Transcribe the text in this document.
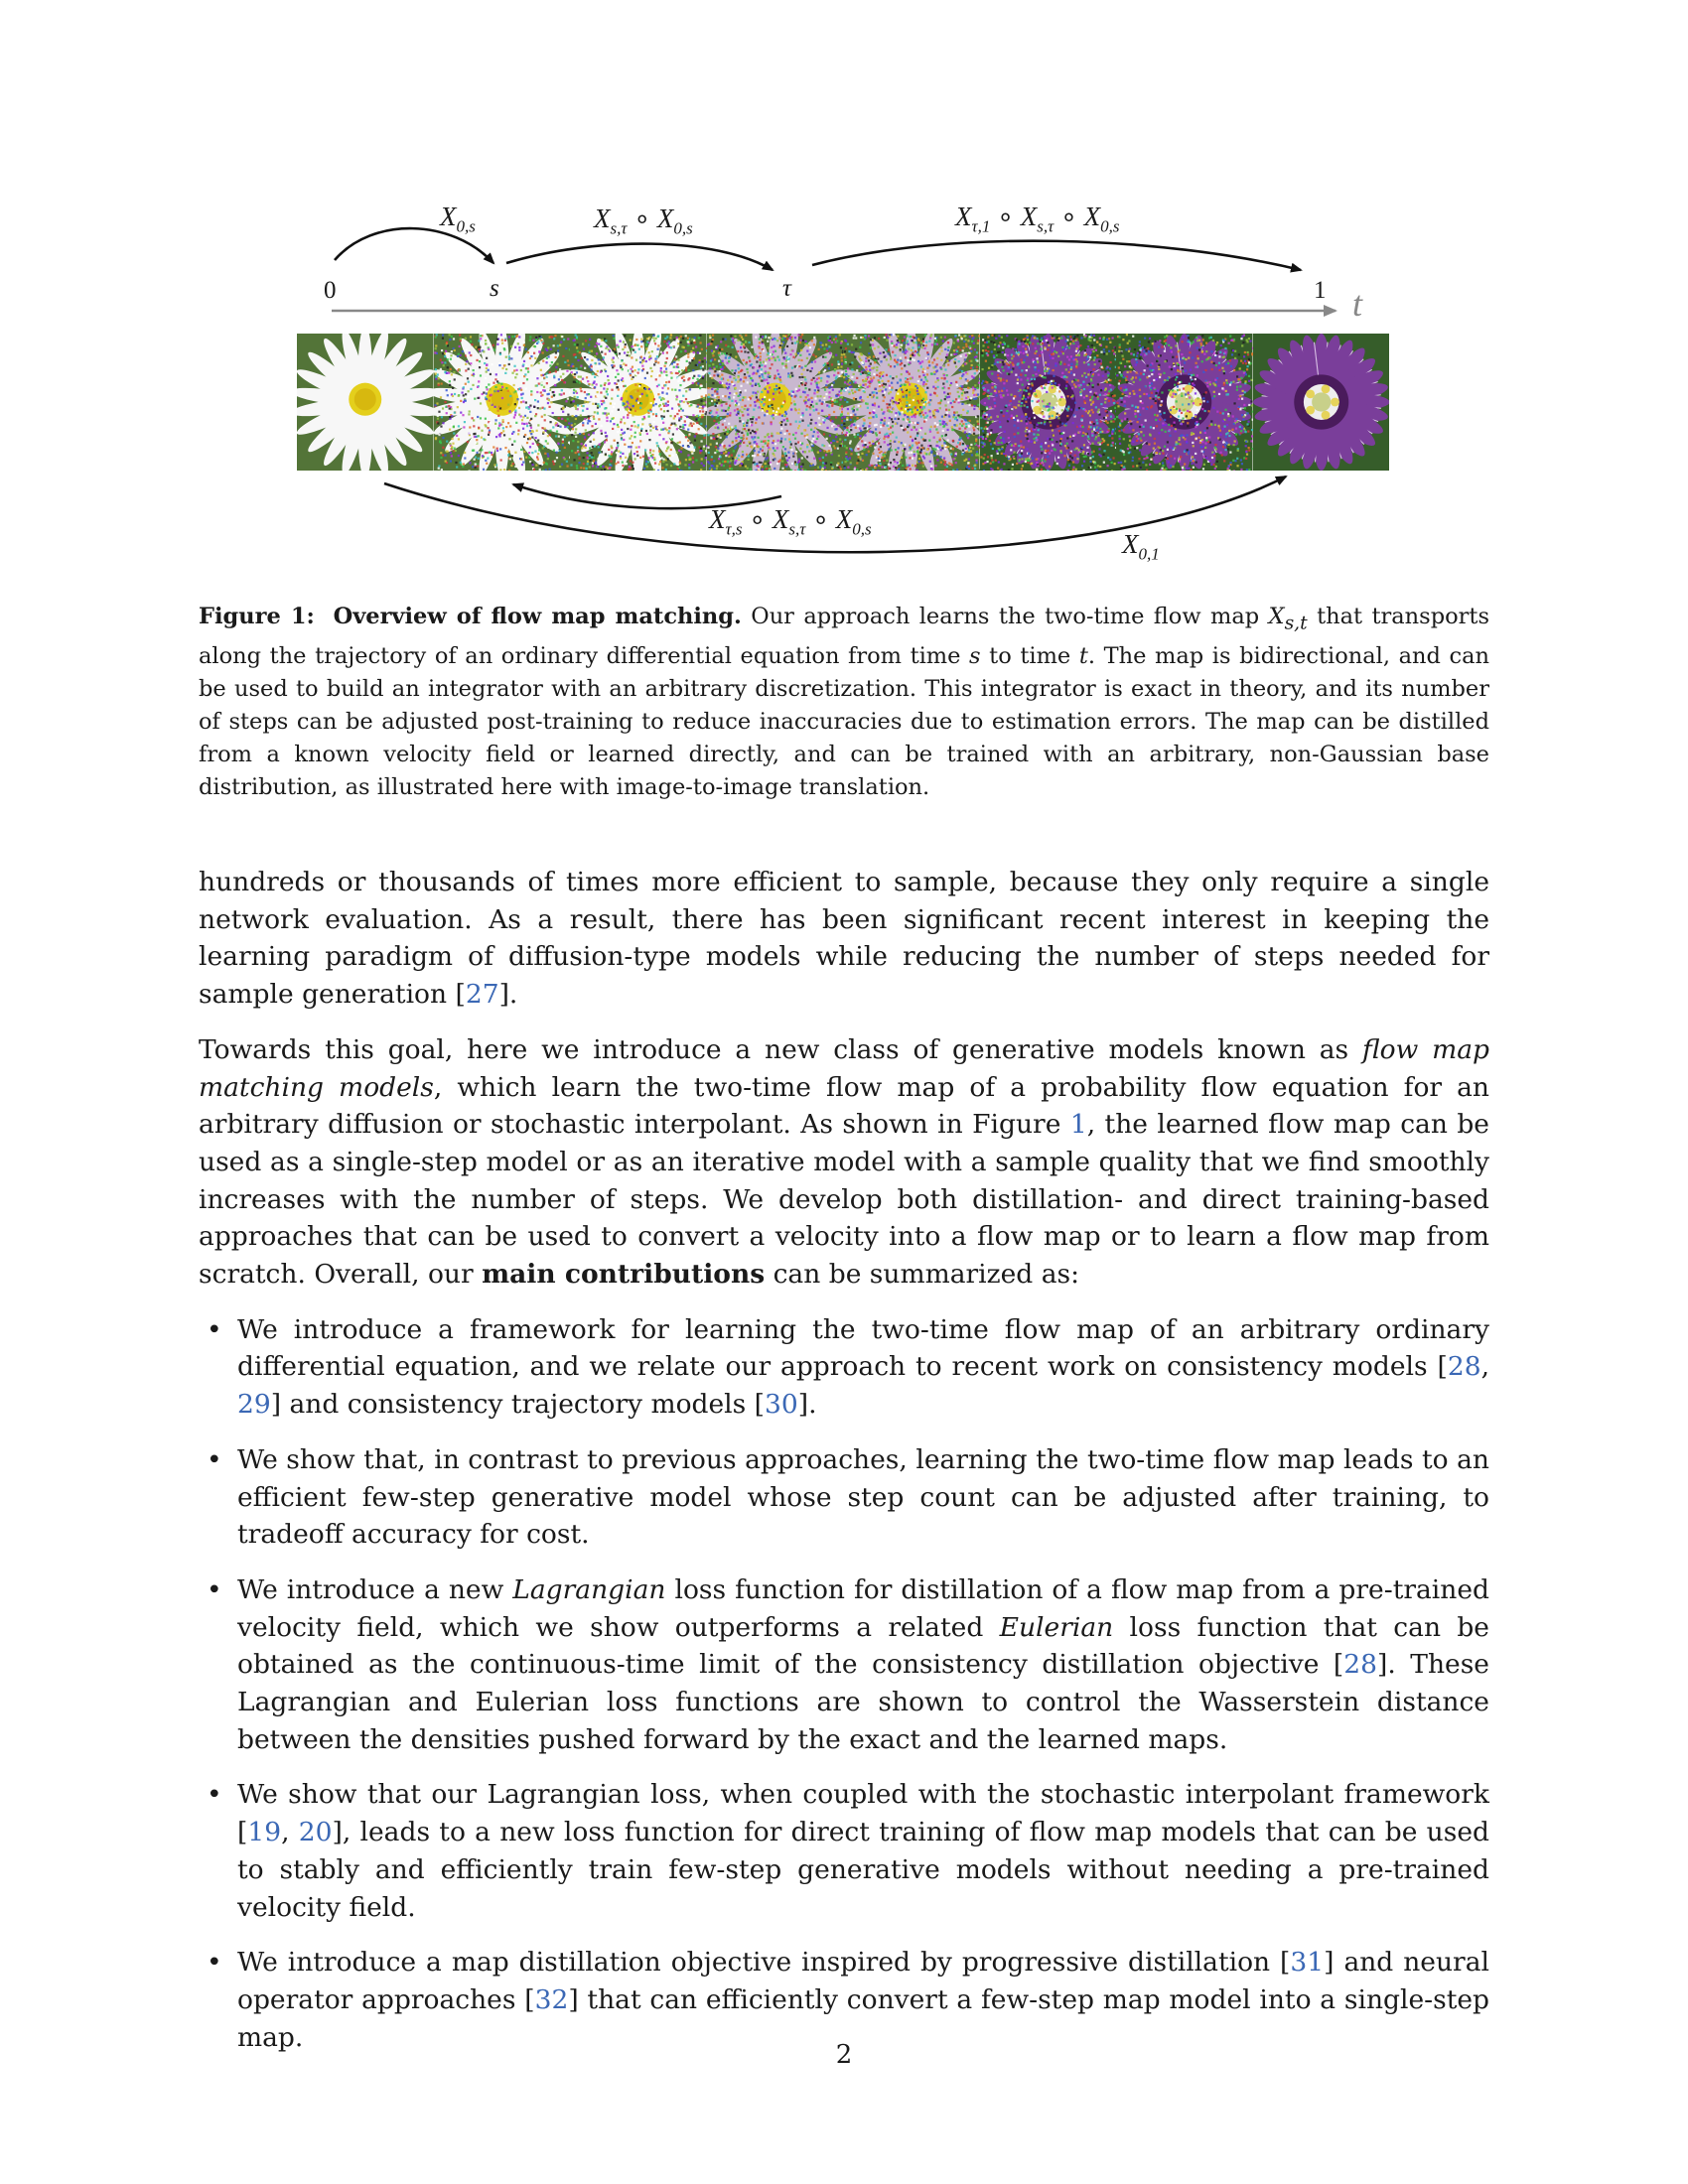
$X_{0,s}$	$X_{s,\tau}$ ∘ $X_{0,s}$	$X_{\tau,1}$ ∘ $X_{s,\tau}$ ∘ $X_{0,s}$
0	s	τ	1 t
$X_{\tau,s}$ ∘ $X_{s,\tau}$ ∘ $X_{0,s}$
$X_{0,1}$
Figure 1: Overview of flow map matching. Our approach learns the two-time flow map $X_{s,t}$ that transports along the trajectory of an ordinary differential equation from time s to time t. The map is bidirectional, and can be used to build an integrator with an arbitrary discretization. This integrator is exact in theory, and its number of steps can be adjusted post-training to reduce inaccuracies due to estimation errors. The map can be distilled from a known velocity field or learned directly, and can be trained with an arbitrary, non-Gaussian base distribution, as illustrated here with image-to-image translation.

hundreds or thousands of times more efficient to sample, because they only require a single network evaluation. As a result, there has been significant recent interest in keeping the learning paradigm of diffusion-type models while reducing the number of steps needed for sample generation [27].

Towards this goal, here we introduce a new class of generative models known as flow map matching models, which learn the two-time flow map of a probability flow equation for an arbitrary diffusion or stochastic interpolant. As shown in Figure 1, the learned flow map can be used as a single-step model or as an iterative model with a sample quality that we find smoothly increases with the number of steps. We develop both distillation- and direct training-based approaches that can be used to convert a velocity into a flow map or to learn a flow map from scratch. Overall, our main contributions can be summarized as:

• We introduce a framework for learning the two-time flow map of an arbitrary ordinary differential equation, and we relate our approach to recent work on consistency models [28, 29] and consistency trajectory models [30].
• We show that, in contrast to previous approaches, learning the two-time flow map leads to an efficient few-step generative model whose step count can be adjusted after training, to tradeoff accuracy for cost.
• We introduce a new Lagrangian loss function for distillation of a flow map from a pre-trained velocity field, which we show outperforms a related Eulerian loss function that can be obtained as the continuous-time limit of the consistency distillation objective [28]. These Lagrangian and Eulerian loss functions are shown to control the Wasserstein distance between the densities pushed forward by the exact and the learned maps.
• We show that our Lagrangian loss, when coupled with the stochastic interpolant framework [19, 20], leads to a new loss function for direct training of flow map models that can be used to stably and efficiently train few-step generative models without needing a pre-trained velocity field.
• We introduce a map distillation objective inspired by progressive distillation [31] and neural operator approaches [32] that can efficiently convert a few-step map model into a single-step map.
2
